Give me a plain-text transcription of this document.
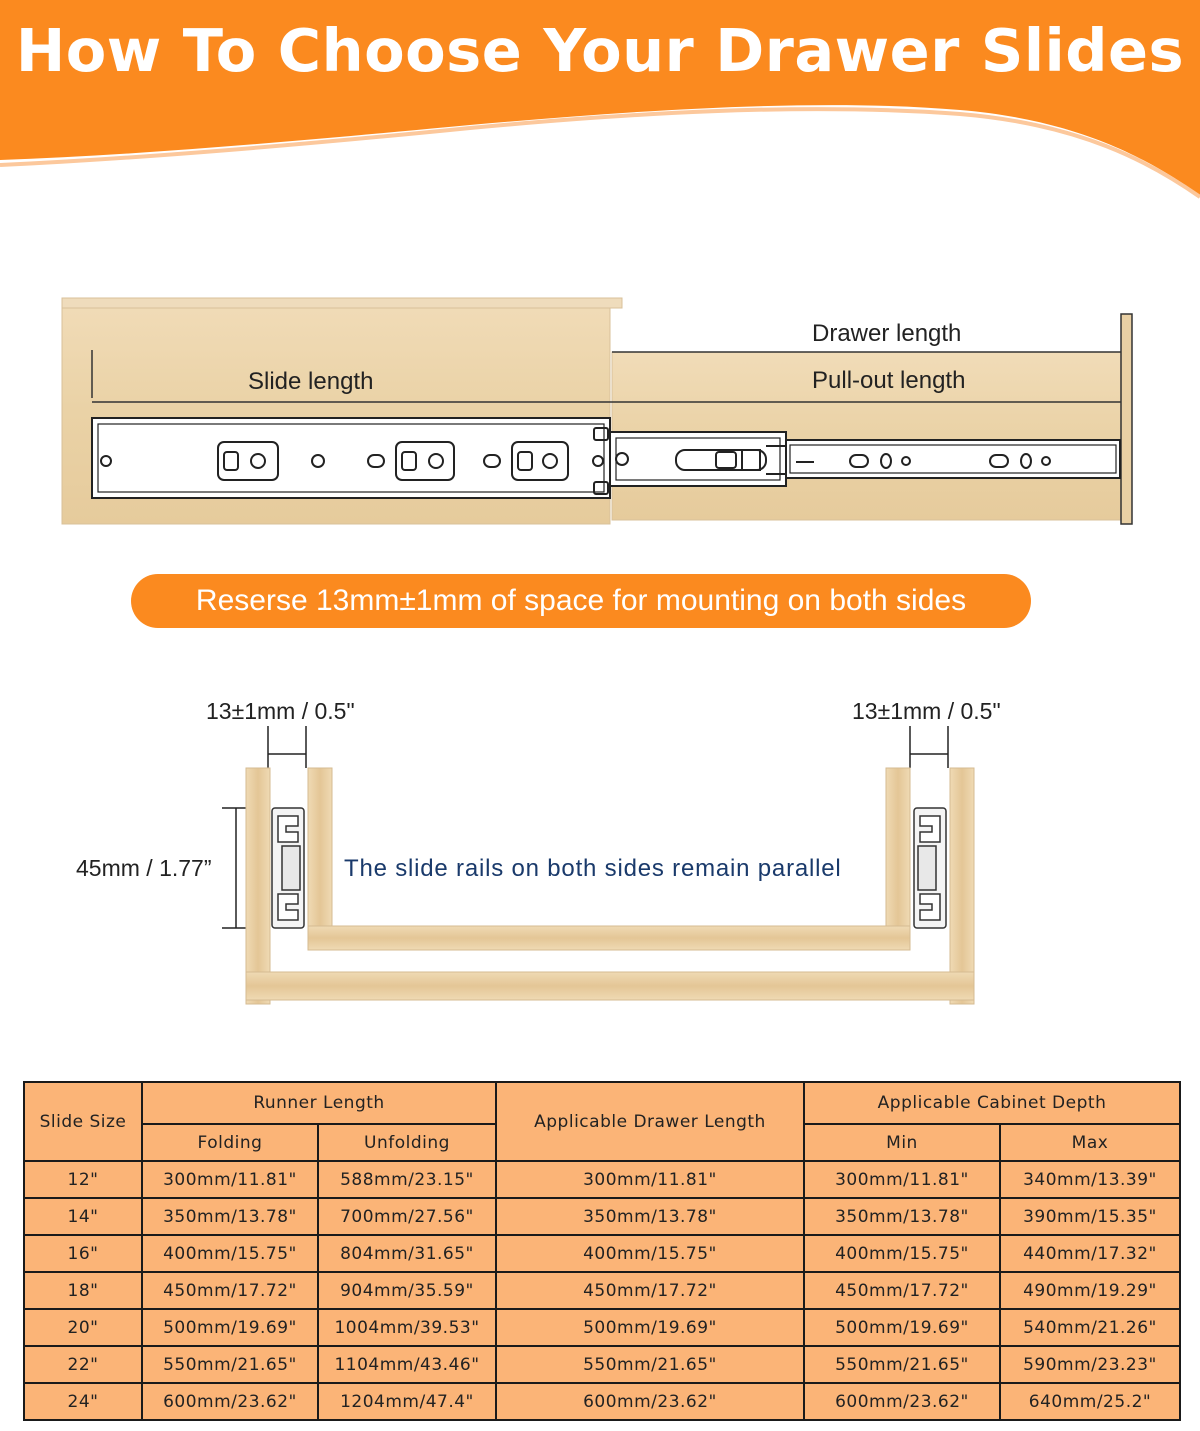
How To Choose Your Drawer Slides
Drawer length
Slide length	Pull-out length
Reserse 13mm±1mm of space for mounting on both sides
13±1mm / 0.5"	13±1mm / 0.5"
45mm / 1.77”	The slide rails on both sides remain parallel
Slide Size	Runner Length		Applicable Drawer Length	Applicable Cabinet Depth	
	Folding	Unfolding		Min	Max
12"	300mm/11.81"	588mm/23.15"	300mm/11.81"	300mm/11.81"	340mm/13.39"
14"	350mm/13.78"	700mm/27.56"	350mm/13.78"	350mm/13.78"	390mm/15.35"
16"	400mm/15.75"	804mm/31.65"	400mm/15.75"	400mm/15.75"	440mm/17.32"
18"	450mm/17.72"	904mm/35.59"	450mm/17.72"	450mm/17.72"	490mm/19.29"
20"	500mm/19.69"	1004mm/39.53"	500mm/19.69"	500mm/19.69"	540mm/21.26"
22"	550mm/21.65"	1104mm/43.46"	550mm/21.65"	550mm/21.65"	590mm/23.23"
24"	600mm/23.62"	1204mm/47.4"	600mm/23.62"	600mm/23.62"	640mm/25.2"
